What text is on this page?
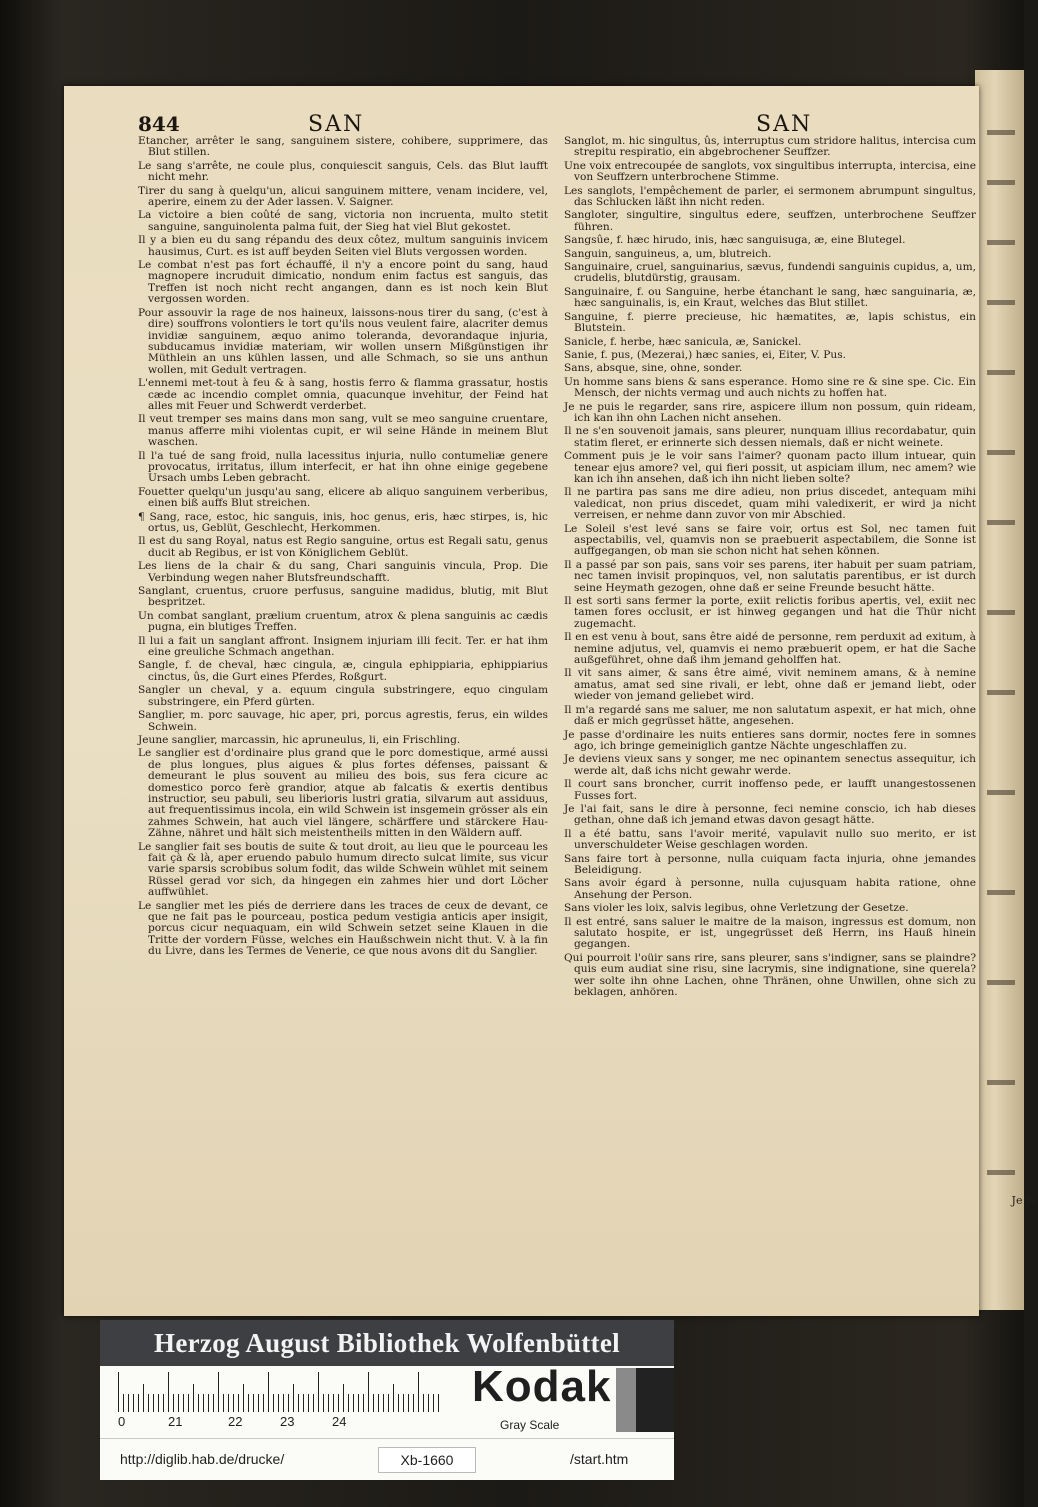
844	SAN	SAN

Etancher, arrêter le sang, sanguinem sistere, cohibere, supprimere, das Blut stillen.

Le sang s'arrête, ne coule plus, conquiescit sanguis, Cels. das Blut laufft nicht mehr.

Tirer du sang à quelqu'un, alicui sanguinem mittere, venam incidere, vel, aperire, einem zu der Ader lassen. V. Saigner.

La victoire a bien coûté de sang, victoria non incruenta, multo stetit sanguine, sanguinolenta palma fuit, der Sieg hat viel Blut gekostet.

Il y a bien eu du sang répandu des deux côtez, multum sanguinis invicem hausimus, Curt. es ist auff beyden Seiten viel Bluts vergossen worden.

Le combat n'est pas fort échauffé, il n'y a encore point du sang, haud magnopere incruduit dimicatio, nondum enim factus est sanguis, das Treffen ist noch nicht recht angangen, dann es ist noch kein Blut vergossen worden.

Pour assouvir la rage de nos haineux, laissons-nous tirer du sang, (c'est à dire) souffrons volontiers le tort qu'ils nous veulent faire, alacriter demus invidiæ sanguinem, æquo animo toleranda, devorandaque injuria, subducamus invidiæ materiam, wir wollen unsern Mißgünstigen ihr Müthlein an uns kühlen lassen, und alle Schmach, so sie uns anthun wollen, mit Gedult vertragen.

L'ennemi met-tout à feu & à sang, hostis ferro & flamma grassatur, hostis cæde ac incendio complet omnia, quacunque invehitur, der Feind hat alles mit Feuer und Schwerdt verderbet.

Il veut tremper ses mains dans mon sang, vult se meo sanguine cruentare, manus afferre mihi violentas cupit, er wil seine Hände in meinem Blut waschen.

Il l'a tué de sang froid, nulla lacessitus injuria, nullo contumeliæ genere provocatus, irritatus, illum interfecit, er hat ihn ohne einige gegebene Ursach umbs Leben gebracht.

Fouetter quelqu'un jusqu'au sang, elicere ab aliquo sanguinem verberibus, einen biß auffs Blut streichen.

¶ Sang, race, estoc, hic sanguis, inis, hoc genus, eris, hæc stirpes, is, hic ortus, us, Geblüt, Geschlecht, Herkommen.

Il est du sang Royal, natus est Regio sanguine, ortus est Regali satu, genus ducit ab Regibus, er ist von Königlichem Geblüt.

Les liens de la chair & du sang, Chari sanguinis vincula, Prop. Die Verbindung wegen naher Blutsfreundschafft.

Sanglant, cruentus, cruore perfusus, sanguine madidus, blutig, mit Blut bespritzet.

Un combat sanglant, prælium cruentum, atrox & plena sanguinis ac cædis pugna, ein blutiges Treffen.

Il lui a fait un sanglant affront. Insignem injuriam illi fecit. Ter. er hat ihm eine greuliche Schmach angethan.

Sangle, f. de cheval, hæc cingula, æ, cingula ephippiaria, ephippiarius cinctus, ûs, die Gurt eines Pferdes, Roßgurt.

Sangler un cheval, y a. equum cingula substringere, equo cingulam substringere, ein Pferd gürten.

Sanglier, m. porc sauvage, hic aper, pri, porcus agrestis, ferus, ein wildes Schwein.

Jeune sanglier, marcassin, hic apruneulus, li, ein Frischling.

Le sanglier est d'ordinaire plus grand que le porc domestique, armé aussi de plus longues, plus aigues & plus fortes défenses, paissant & demeurant le plus souvent au milieu des bois, sus fera cicure ac domestico porco ferè grandior, atque ab falcatis & exertis dentibus instructior, seu pabuli, seu liberioris lustri gratia, silvarum aut assiduus, aut frequentissimus incola, ein wild Schwein ist insgemein grösser als ein zahmes Schwein, hat auch viel längere, schärffere und stärckere Hau-Zähne, nähret und hält sich meistentheils mitten in den Wäldern auff.

Le sanglier fait ses boutis de suite & tout droit, au lieu que le pourceau les fait çà & là, aper eruendo pabulo humum directo sulcat limite, sus vicur varie sparsis scrobibus solum fodit, das wilde Schwein wühlet mit seinem Rüssel gerad vor sich, da hingegen ein zahmes hier und dort Löcher auffwühlet.

Le sanglier met les piés de derriere dans les traces de ceux de devant, ce que ne fait pas le pourceau, postica pedum vestigia anticis aper insigit, porcus cicur nequaquam, ein wild Schwein setzet seine Klauen in die Tritte der vordern Füsse, welches ein Haußschwein nicht thut. V. à la fin du Livre, dans les Termes de Venerie, ce que nous avons dit du Sanglier.

Sanglot, m. hic singultus, ûs, interruptus cum stridore halitus, intercisa cum strepitu respiratio, ein abgebrochener Seuffzer.

Une voix entrecoupée de sanglots, vox singultibus interrupta, intercisa, eine von Seuffzern unterbrochene Stimme.

Les sanglots, l'empêchement de parler, ei sermonem abrumpunt singultus, das Schlucken läßt ihn nicht reden.

Sangloter, singultire, singultus edere, seuffzen, unterbrochene Seuffzer führen.

Sangsûe, f. hæc hirudo, inis, hæc sanguisuga, æ, eine Blutegel.

Sanguin, sanguineus, a, um, blutreich.

Sanguinaire, cruel, sanguinarius, sævus, fundendi sanguinis cupidus, a, um, crudelis, blutdürstig, grausam.

Sanguinaire, f. ou Sanguine, herbe étanchant le sang, hæc sanguinaria, æ, hæc sanguinalis, is, ein Kraut, welches das Blut stillet.

Sanguine, f. pierre precieuse, hic hæmatites, æ, lapis schistus, ein Blutstein.

Sanicle, f. herbe, hæc sanicula, æ, Sanickel.

Sanie, f. pus, (Mezerai,) hæc sanies, ei, Eiter, V. Pus.

Sans, absque, sine, ohne, sonder.

Un homme sans biens & sans esperance. Homo sine re & sine spe. Cic. Ein Mensch, der nichts vermag und auch nichts zu hoffen hat.

Je ne puis le regarder, sans rire, aspicere illum non possum, quin rideam, ich kan ihn ohn Lachen nicht ansehen.

Il ne s'en souvenoit jamais, sans pleurer, nunquam illius recordabatur, quin statim fleret, er erinnerte sich dessen niemals, daß er nicht weinete.

Comment puis je le voir sans l'aimer? quonam pacto illum intuear, quin tenear ejus amore? vel, qui fieri possit, ut aspiciam illum, nec amem? wie kan ich ihn ansehen, daß ich ihn nicht lieben solte?

Il ne partira pas sans me dire adieu, non prius discedet, antequam mihi valedicat, non prius discedet, quam mihi valedixerit, er wird ja nicht verreisen, er nehme dann zuvor von mir Abschied.

Le Soleil s'est levé sans se faire voir, ortus est Sol, nec tamen fuit aspectabilis, vel, quamvis non se praebuerit aspectabilem, die Sonne ist auffgegangen, ob man sie schon nicht hat sehen können.

Il a passé par son pais, sans voir ses parens, iter habuit per suam patriam, nec tamen invisit propinquos, vel, non salutatis parentibus, er ist durch seine Heymath gezogen, ohne daß er seine Freunde besucht hätte.

Il est sorti sans fermer la porte, exiit relictis foribus apertis, vel, exiit nec tamen fores occlusit, er ist hinweg gegangen und hat die Thür nicht zugemacht.

Il en est venu à bout, sans être aidé de personne, rem perduxit ad exitum, à nemine adjutus, vel, quamvis ei nemo præbuerit opem, er hat die Sache außgeführet, ohne daß ihm jemand geholffen hat.

Il vit sans aimer, & sans être aimé, vivit neminem amans, & à nemine amatus, amat sed sine rivali, er lebt, ohne daß er jemand liebt, oder wieder von jemand geliebet wird.

Il m'a regardé sans me saluer, me non salutatum aspexit, er hat mich, ohne daß er mich gegrüsset hätte, angesehen.

Je passe d'ordinaire les nuits entieres sans dormir, noctes fere in somnes ago, ich bringe gemeiniglich gantze Nächte ungeschlaffen zu.

Je deviens vieux sans y songer, me nec opinantem senectus assequitur, ich werde alt, daß ichs nicht gewahr werde.

Il court sans broncher, currit inoffenso pede, er laufft unangestossenen Fusses fort.

Je l'ai fait, sans le dire à personne, feci nemine conscio, ich hab dieses gethan, ohne daß ich jemand etwas davon gesagt hätte.

Il a été battu, sans l'avoir merité, vapulavit nullo suo merito, er ist unverschuldeter Weise geschlagen worden.

Sans faire tort à personne, nulla cuiquam facta injuria, ohne jemandes Beleidigung.

Sans avoir égard à personne, nulla cujusquam habita ratione, ohne Ansehung der Person.

Sans violer les loix, salvis legibus, ohne Verletzung der Gesetze.

Il est entré, sans saluer le maitre de la maison, ingressus est domum, non salutato hospite, er ist, ungegrüsset deß Herrn, ins Hauß hinein gegangen.

Qui pourroit l'oüir sans rire, sans pleurer, sans s'indigner, sans se plaindre? quis eum audiat sine risu, sine lacrymis, sine indignatione, sine querela? wer solte ihn ohne Lachen, ohne Thränen, ohne Unwillen, ohne sich zu beklagen, anhören.

Je le
Herzog August Bibliothek Wolfenbüttel
0	21	22	23	24
Kodak
Gray Scale
http://diglib.hab.de/drucke/	Xb-1660	/start.htm
